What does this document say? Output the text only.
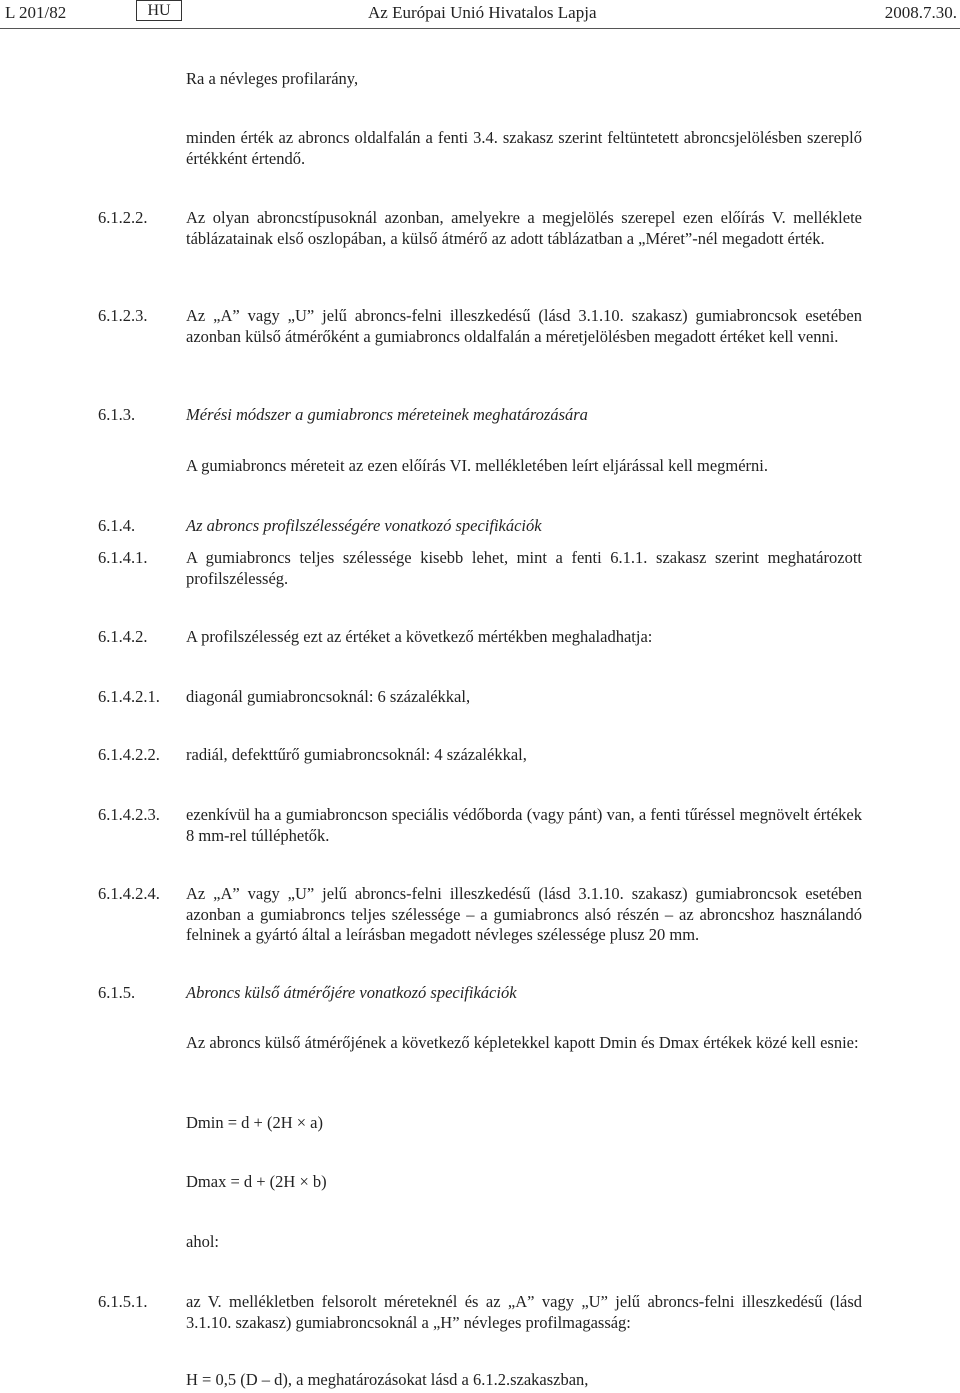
L 201/82	HU	Az Európai Unió Hivatalos Lapja	2008.7.30.
Ra a névleges profilarány,
minden érték az abroncs oldalfalán a fenti 3.4. szakasz szerint feltüntetett abroncsjelölésben szereplő értékként értendő.
6.1.2.2. Az olyan abroncstípusoknál azonban, amelyekre a megjelölés szerepel ezen előírás V. melléklete táblázatainak első oszlopában, a külső átmérő az adott táblázatban a „Méret”-nél megadott érték.
6.1.2.3. Az „A” vagy „U” jelű abroncs-felni illeszkedésű (lásd 3.1.10. szakasz) gumiabroncsok esetében azonban külső átmérőként a gumiabroncs oldalfalán a méretjelölésben megadott értéket kell venni.
6.1.3.	Mérési módszer a gumiabroncs méreteinek meghatározására
A gumiabroncs méreteit az ezen előírás VI. mellékletében leírt eljárással kell megmérni.
6.1.4.	Az abroncs profilszélességére vonatkozó specifikációk
6.1.4.1. A gumiabroncs teljes szélessége kisebb lehet, mint a fenti 6.1.1. szakasz szerint meghatározott profilszélesség.
6.1.4.2. A profilszélesség ezt az értéket a következő mértékben meghaladhatja:
6.1.4.2.1. diagonál gumiabroncsoknál: 6 százalékkal,
6.1.4.2.2. radiál, defekttűrő gumiabroncsoknál: 4 százalékkal,
6.1.4.2.3. ezenkívül ha a gumiabroncson speciális védőborda (vagy pánt) van, a fenti tűréssel megnövelt értékek 8 mm-rel túlléphetők.
6.1.4.2.4. Az „A” vagy „U” jelű abroncs-felni illeszkedésű (lásd 3.1.10. szakasz) gumiabroncsok esetében azonban a gumiabroncs teljes szélessége – a gumiabroncs alsó részén – az abroncshoz használandó felninek a gyártó által a leírásban megadott névleges szélessége plusz 20 mm.
6.1.5.	Abroncs külső átmérőjére vonatkozó specifikációk
Az abroncs külső átmérőjének a következő képletekkel kapott Dmin és Dmax értékek közé kell esnie:
Dmin = d + (2H × a)
Dmax = d + (2H × b)
ahol:
6.1.5.1. az V. mellékletben felsorolt méreteknél és az „A” vagy „U” jelű abroncs-felni illeszkedésű (lásd 3.1.10. szakasz) gumiabroncsoknál a „H” névleges profilmagasság:
H = 0,5 (D – d), a meghatározásokat lásd a 6.1.2.szakaszban,
